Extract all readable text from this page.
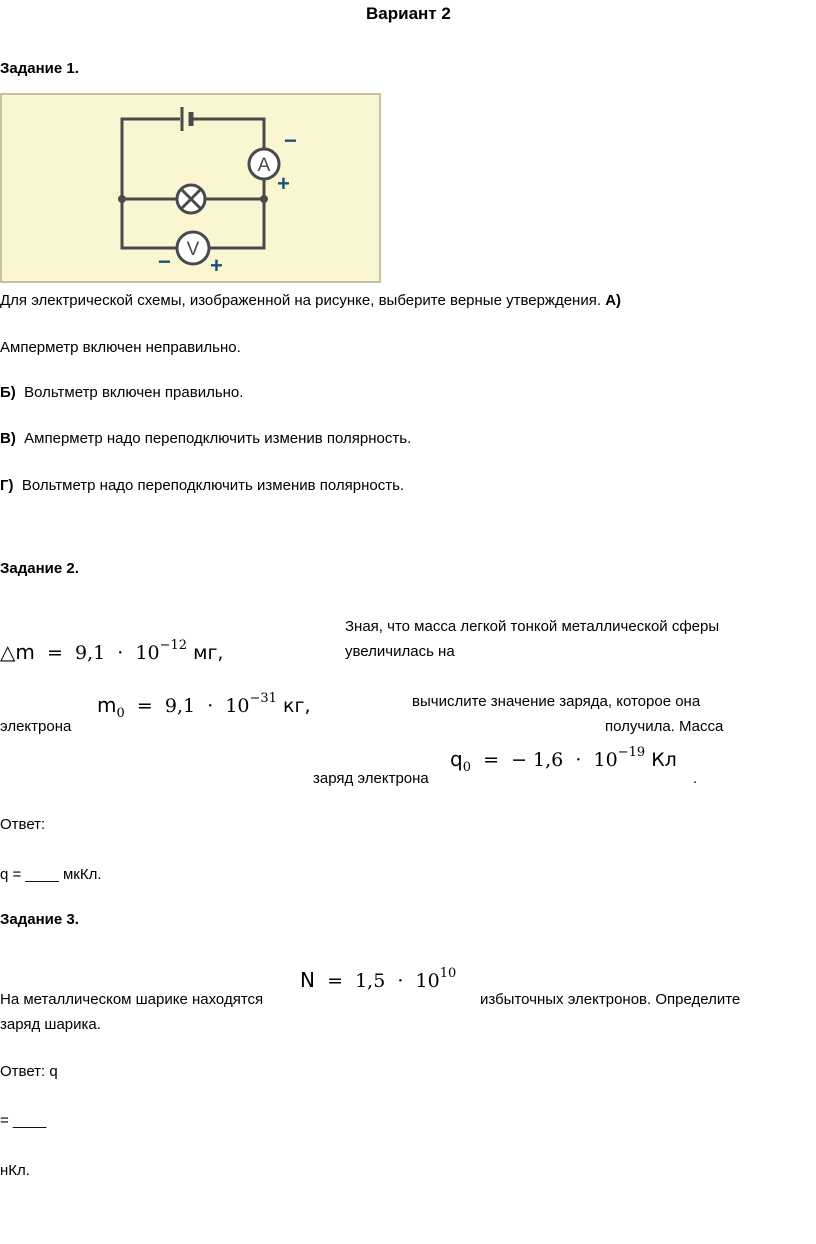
Вариант 2
Задание 1.
A
−
+
V
− +
Для электрической схемы, изображенной на рисунке, выберите верные утверждения. А)
Амперметр включен неправильно.
Б) Вольтметр включен правильно.
В) Амперметр надо переподключить изменив полярность.
Г) Вольтметр надо переподключить изменив полярность.
Задание 2.
Зная, что масса легкой тонкой металлической сферы
увеличилась на
△m = $9,1 \cdot 10^{-12}$ мг,
$m_0 = 9,1 \cdot 10^{-31}$ кг,	вычислите значение заряда, которое она
получила. Масса
электрона
заряд электрона
$q_0$ = − $1,6 \cdot 10^{-19}$ Кл
.
Ответ:
q = ____ мкКл.
Задание 3.
На металлическом шарике находятся
$N = 1,5 \cdot 10^{10}$
избыточных электронов. Определите
заряд шарика.
Ответ: q
= ____
нКл.
